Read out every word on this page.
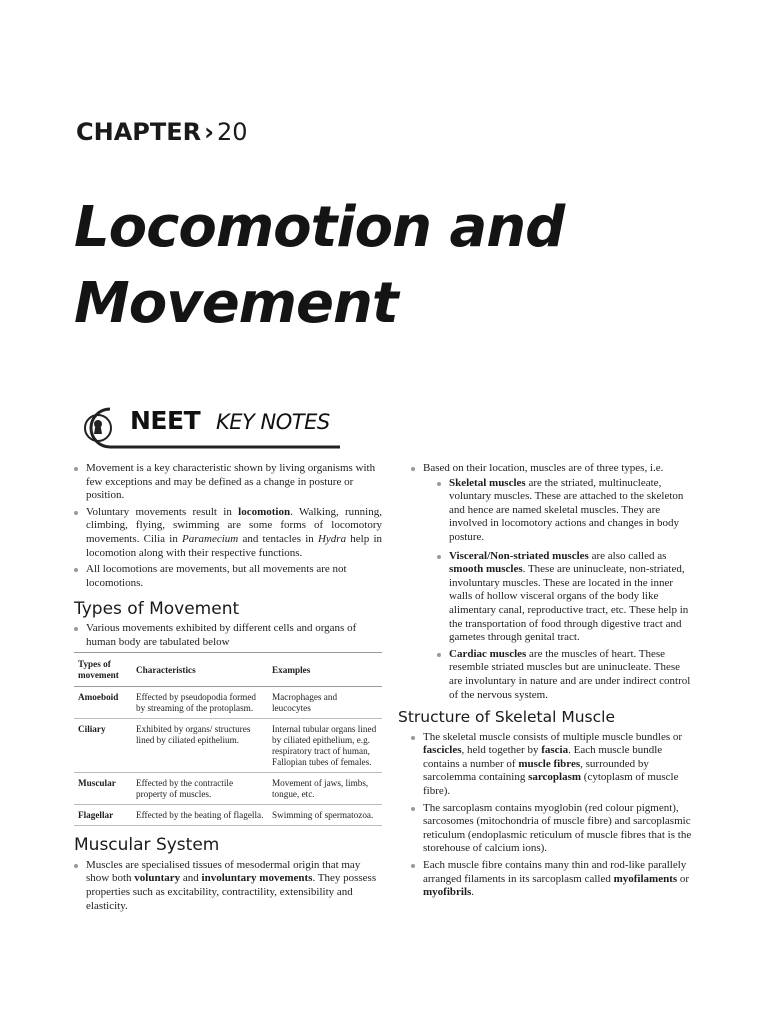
CHAPTER › 20
Locomotion and
Movement
NEET KEY NOTES
Movement is a key characteristic shown by living organisms with few exceptions and may be defined as a change in posture or position.
Voluntary movements result in locomotion. Walking, running, climbing, flying, swimming are some forms of locomotory movements. Cilia in Paramecium and tentacles in Hydra help in locomotion along with their respective functions.
All locomotions are movements, but all movements are not locomotions.
Types of Movement
Various movements exhibited by different cells and organs of human body are tabulated below
Types of movement	Characteristics	Examples
Amoeboid	Effected by pseudopodia formed by streaming of the protoplasm.	Macrophages and leucocytes
Ciliary	Exhibited by organs/ structures lined by ciliated epithelium.	Internal tubular organs lined by ciliated epithelium, e.g. respiratory tract of human, Fallopian tubes of females.
Muscular	Effected by the contractile property of muscles.	Movement of jaws, limbs, tongue, etc.
Flagellar	Effected by the beating of flagella.	Swimming of spermatozoa.
Muscular System
Muscles are specialised tissues of mesodermal origin that may show both voluntary and involuntary movements. They possess properties such as excitability, contractility, extensibility and elasticity.
Based on their location, muscles are of three types, i.e.
Skeletal muscles are the striated, multinucleate, voluntary muscles. These are attached to the skeleton and hence are named skeletal muscles. They are involved in locomotory actions and changes in body posture.
Visceral/Non-striated muscles are also called as smooth muscles. These are uninucleate, non-striated, involuntary muscles. These are located in the inner walls of hollow visceral organs of the body like alimentary canal, reproductive tract, etc. These help in the transportation of food through digestive tract and gametes through genital tract.
Cardiac muscles are the muscles of heart. These resemble striated muscles but are uninucleate. These are involuntary in nature and are under indirect control of the nervous system.
Structure of Skeletal Muscle
The skeletal muscle consists of multiple muscle bundles or fascicles, held together by fascia. Each muscle bundle contains a number of muscle fibres, surrounded by sarcolemma containing sarcoplasm (cytoplasm of muscle fibre).
The sarcoplasm contains myoglobin (red colour pigment), sarcosomes (mitochondria of muscle fibre) and sarcoplasmic reticulum (endoplasmic reticulum of muscle fibres that is the storehouse of calcium ions).
Each muscle fibre contains many thin and rod-like parallely arranged filaments in its sarcoplasm called myofilaments or myofibrils.
